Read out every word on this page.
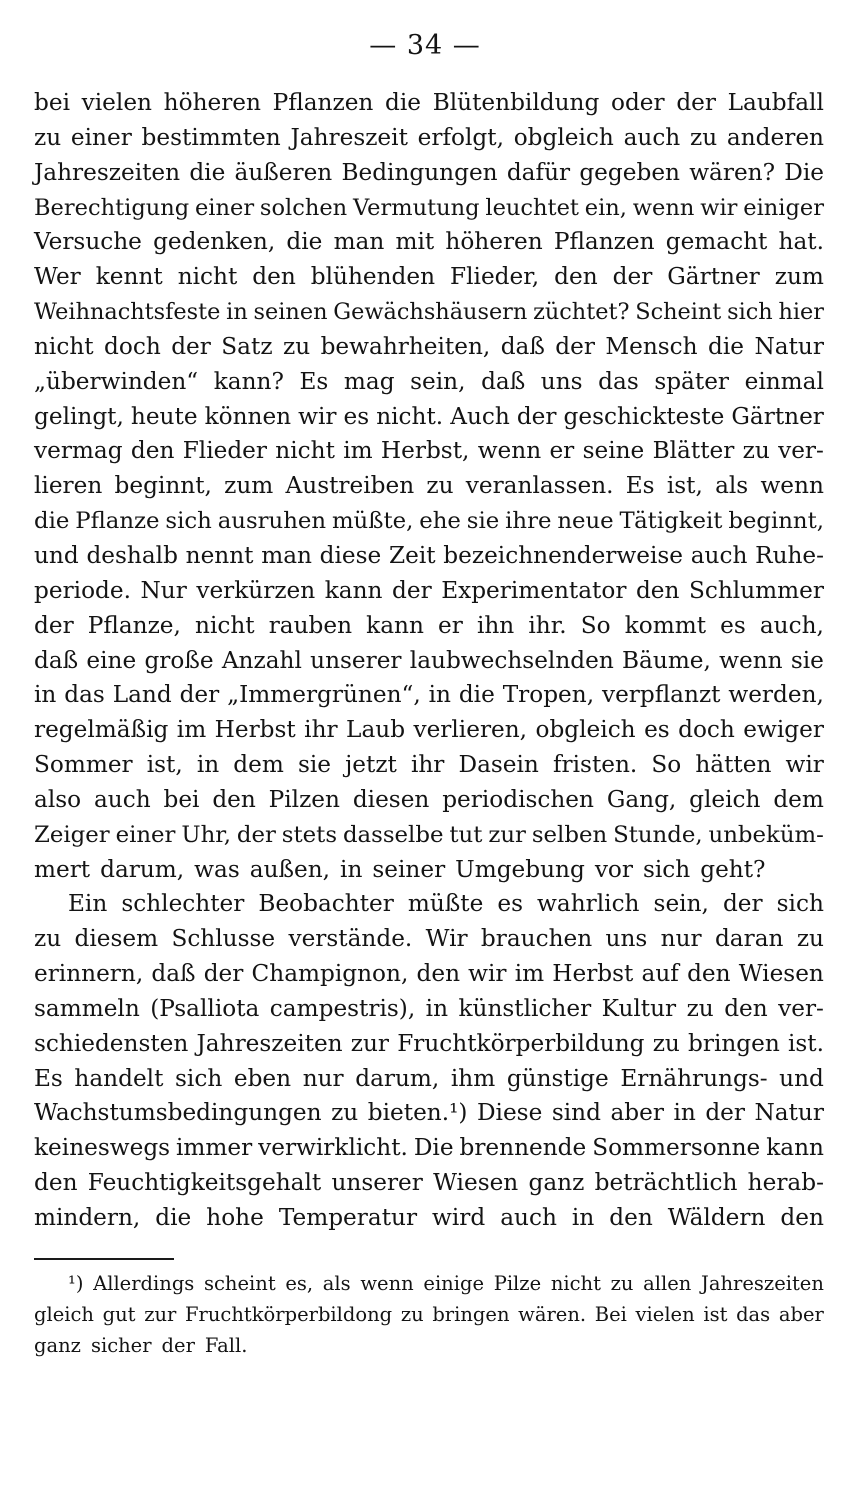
— 34 —
bei vielen höheren Pflanzen die Blütenbildung oder der Laubfall
zu einer bestimmten Jahreszeit erfolgt, obgleich auch zu anderen
Jahreszeiten die äußeren Bedingungen dafür gegeben wären? Die
Berechtigung einer solchen Vermutung leuchtet ein, wenn wir einiger
Versuche gedenken, die man mit höheren Pflanzen gemacht hat.
Wer kennt nicht den blühenden Flieder, den der Gärtner zum
Weihnachtsfeste in seinen Gewächshäusern züchtet? Scheint sich hier
nicht doch der Satz zu bewahrheiten, daß der Mensch die Natur
„überwinden“ kann? Es mag sein, daß uns das später einmal
gelingt, heute können wir es nicht. Auch der geschickteste Gärtner
vermag den Flieder nicht im Herbst, wenn er seine Blätter zu ver-
lieren beginnt, zum Austreiben zu veranlassen. Es ist, als wenn
die Pflanze sich ausruhen müßte, ehe sie ihre neue Tätigkeit beginnt,
und deshalb nennt man diese Zeit bezeichnenderweise auch Ruhe-
periode. Nur verkürzen kann der Experimentator den Schlummer
der Pflanze, nicht rauben kann er ihn ihr. So kommt es auch,
daß eine große Anzahl unserer laubwechselnden Bäume, wenn sie
in das Land der „Immergrünen“, in die Tropen, verpflanzt werden,
regelmäßig im Herbst ihr Laub verlieren, obgleich es doch ewiger
Sommer ist, in dem sie jetzt ihr Dasein fristen. So hätten wir
also auch bei den Pilzen diesen periodischen Gang, gleich dem
Zeiger einer Uhr, der stets dasselbe tut zur selben Stunde, unbeküm-
mert darum, was außen, in seiner Umgebung vor sich geht?
Ein schlechter Beobachter müßte es wahrlich sein, der sich
zu diesem Schlusse verstände. Wir brauchen uns nur daran zu
erinnern, daß der Champignon, den wir im Herbst auf den Wiesen
sammeln (Psalliota campestris), in künstlicher Kultur zu den ver-
schiedensten Jahreszeiten zur Fruchtkörperbildung zu bringen ist.
Es handelt sich eben nur darum, ihm günstige Ernährungs- und
Wachstumsbedingungen zu bieten.¹) Diese sind aber in der Natur
keineswegs immer verwirklicht. Die brennende Sommersonne kann
den Feuchtigkeitsgehalt unserer Wiesen ganz beträchtlich herab-
mindern, die hohe Temperatur wird auch in den Wäldern den
¹) Allerdings scheint es, als wenn einige Pilze nicht zu allen Jahreszeiten
gleich gut zur Fruchtkörperbildong zu bringen wären. Bei vielen ist das aber
ganz sicher der Fall.
